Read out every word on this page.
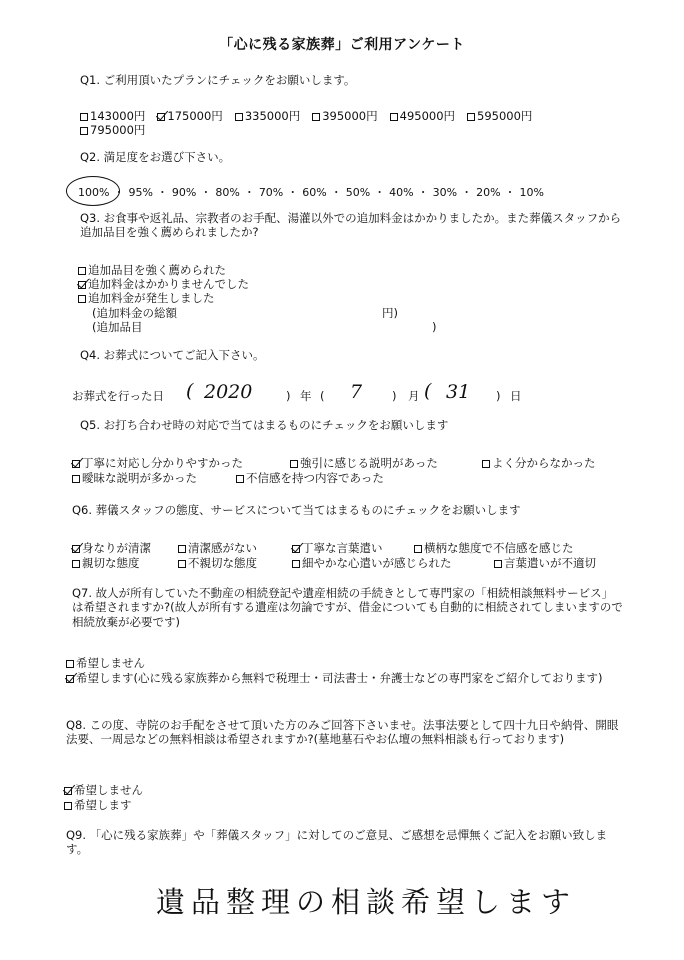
「心に残る家族葬」ご利用アンケート
Q1. ご利用頂いたプランにチェックをお願いします。
143000円 175000円 335000円 395000円 495000円 595000円
795000円
Q2. 満足度をお選び下さい。
100% ・ 95% ・ 90% ・ 80% ・ 70% ・ 60% ・ 50% ・ 40% ・ 30% ・ 20% ・ 10%
Q3. お食事や返礼品、宗教者のお手配、湯灌以外での追加料金はかかりましたか。また葬儀スタッフから追加品目を強く薦められましたか?
追加品目を強く薦められた
追加料金はかかりませんでした
追加料金が発生しました
(追加料金の総額	円)
(追加品目	)
Q4. お葬式についてご記入下さい。
お葬式を行った日 ( 2020	) 年 ( 7	) 月 ( 31 ) 日
Q5. お打ち合わせ時の対応で当てはまるものにチェックをお願いします
丁寧に対応し分かりやすかった	強引に感じる説明があった	よく分からなかった
曖昧な説明が多かった	不信感を持つ内容であった
Q6. 葬儀スタッフの態度、サービスについて当てはまるものにチェックをお願いします
身なりが清潔	清潔感がない	丁寧な言葉遣い	横柄な態度で不信感を感じた
親切な態度	不親切な態度	細やかな心遣いが感じられた	言葉遣いが不適切
Q7. 故人が所有していた不動産の相続登記や遺産相続の手続きとして専門家の「相続相談無料サービス」は希望されますか?(故人が所有する遺産は勿論ですが、借金についても自動的に相続されてしまいますので相続放棄が必要です)
希望しません
希望します(心に残る家族葬から無料で税理士・司法書士・弁護士などの専門家をご紹介しております)
Q8. この度、寺院のお手配をさせて頂いた方のみご回答下さいませ。法事法要として四十九日や納骨、開眼法要、一周忌などの無料相談は希望されますか?(墓地墓石やお仏壇の無料相談も行っております)
希望しません
希望します
Q9. 「心に残る家族葬」や「葬儀スタッフ」に対してのご意見、ご感想を忌憚無くご記入をお願い致します。
遺品整理の相談希望します
